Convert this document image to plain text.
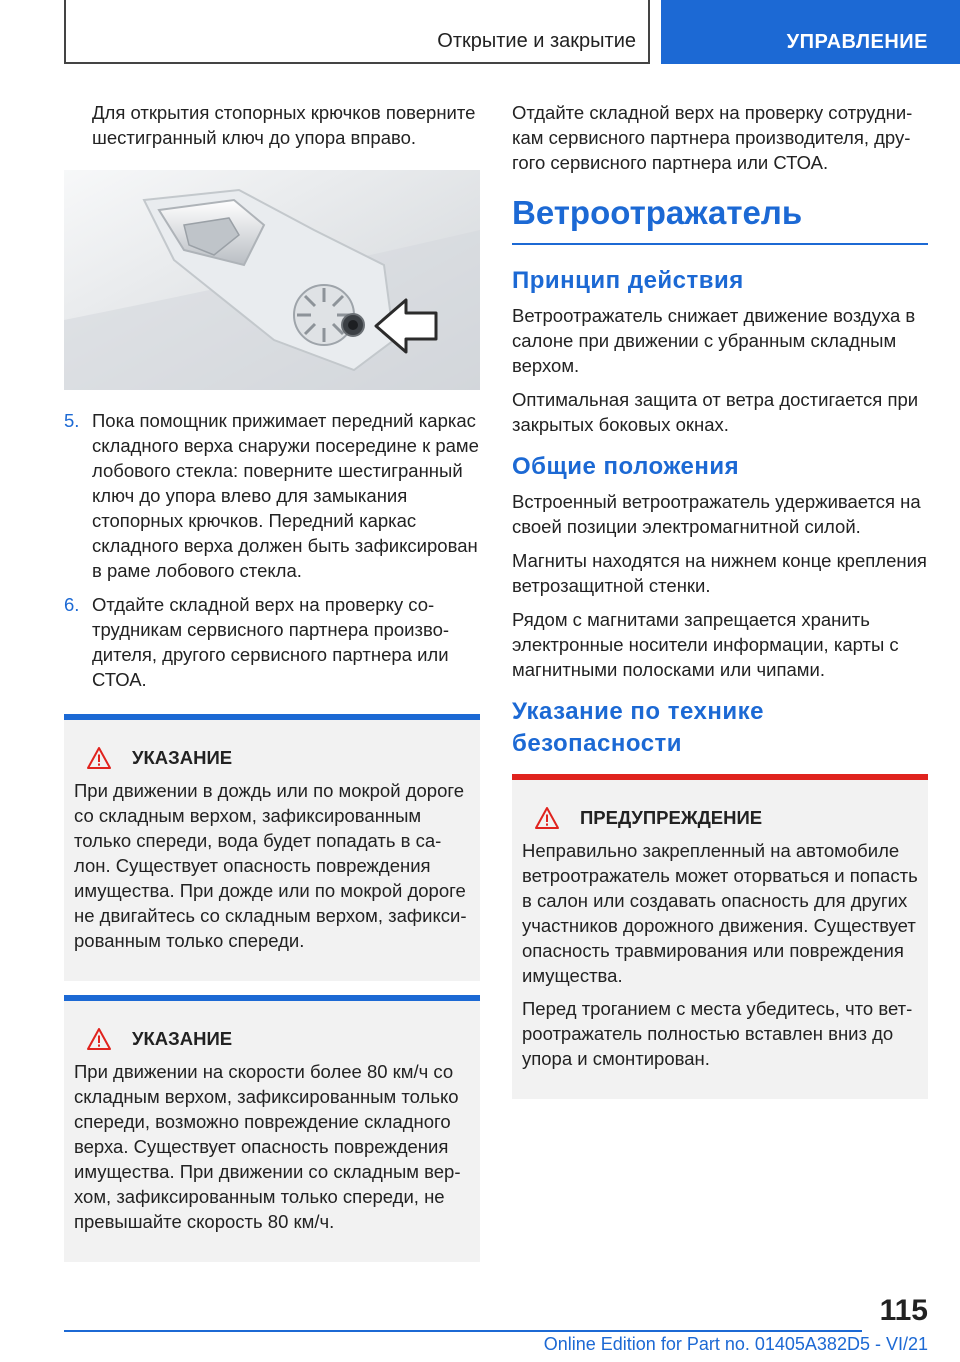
Открытие и закрытие	УПРАВЛЕНИЕ

Для открытия стопорных крючков поверните шестигранный ключ до упора вправо.

5. Пока помощник прижимает передний каркас складного верха снаружи посередине к раме лобового стекла: поверните шестигранный ключ до упора влево для замыкания стопорных крючков. Передний каркас складного верха должен быть зафиксирован в раме лобового стекла.
6. Отдайте складной верх на проверку сотрудникам сервисного партнера производителя, другого сервисного партнера или СТОА.
УКАЗАНИЕ

При движении в дождь или по мокрой дороге со складным верхом, зафиксированным только спереди, вода будет попадать в салон. Существует опасность повреждения имущества. При дожде или по мокрой дороге не двигайтесь со складным верхом, зафиксированным только спереди.

УКАЗАНИЕ

При движении на скорости более 80 км/ч со складным верхом, зафиксированным только спереди, возможно повреждение складного верха. Существует опасность повреждения имущества. При движении со складным верхом, зафиксированным только спереди, не превышайте скорость 80 км/ч.

Отдайте складной верх на проверку сотрудникам сервисного партнера производителя, другого сервисного партнера или СТОА.

Ветроотражатель
Принцип действия

Ветроотражатель снижает движение воздуха в салоне при движении с убранным складным верхом.

Оптимальная защита от ветра достигается при закрытых боковых окнах.

Общие положения

Встроенный ветроотражатель удерживается на своей позиции электромагнитной силой.

Магниты находятся на нижнем конце крепления ветрозащитной стенки.

Рядом с магнитами запрещается хранить электронные носители информации, карты с магнитными полосками или чипами.

Указание по технике безопасности
ПРЕДУПРЕЖДЕНИЕ

Неправильно закрепленный на автомобиле ветроотражатель может оторваться и попасть в салон или создавать опасность для других участников дорожного движения. Существует опасность травмирования или повреждения имущества.

Перед троганием с места убедитесь, что ветроотражатель полностью вставлен вниз до упора и смонтирован.

115
Online Edition for Part no. 01405A382D5 - VI/21
